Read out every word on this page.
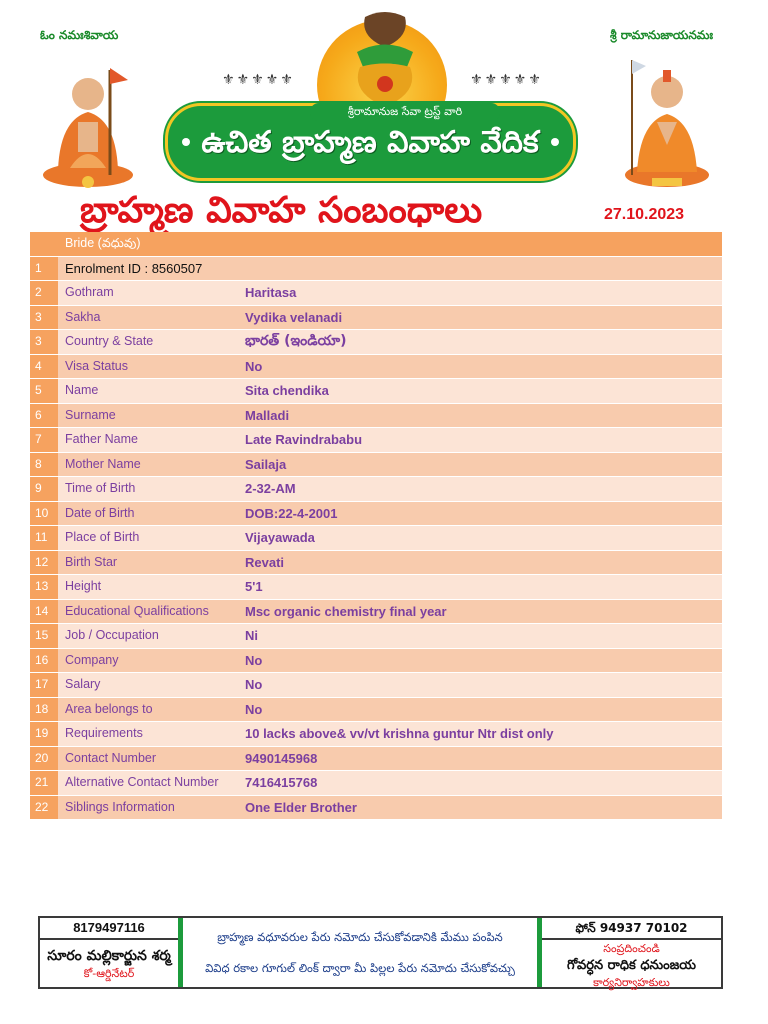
ఓం నమఃశివాయ	శ్రీ రామానుజాయనమః
⚜⚜⚜⚜⚜	⚜⚜⚜⚜⚜
శ్రీరామానుజ సేవా ట్రస్ట్ వారి
ఉచిత బ్రాహ్మణ వివాహ వేదిక
బ్రాహ్మణ వివాహ సంబంధాలు	27.10.2023
Bride (వధువు)
1	Enrolment ID : 8560507
2	Gothram	Haritasa
3	Sakha	Vydika velanadi
3	Country & State	భారత్ (ఇండియా)
4	Visa Status	No
5	Name	Sita chendika
6	Surname	Malladi
7	Father Name	Late Ravindrababu
8	Mother Name	Sailaja
9	Time of Birth	2-32-AM
10	Date of Birth	DOB:22-4-2001
11	Place of Birth	Vijayawada
12	Birth Star	Revati
13	Height	5'1
14	Educational Qualifications	Msc organic chemistry final year
15	Job / Occupation	Ni
16	Company	No
17	Salary	No
18	Area belongs to	No
19	Requirements	10 lacks above& vv/vt krishna guntur Ntr dist only
20	Contact Number	9490145968
21	Alternative Contact Number	7416415768
22	Siblings Information	One Elder Brother
8179497116
సూరం మల్లికార్జున శర్మ
కో-ఆర్డినేటర్
బ్రాహ్మణ వధూవరుల పేరు నమోదు చేసుకోవడానికి మేము పంపిన
వివిధ రకాల గూగుల్ లింక్ ద్వారా మీ పిల్లల పేరు నమోదు చేసుకోవచ్చు
ఫోన్ 94937 70102
సంప్రదించండి
గోవర్ధన రాధిక ధనుంజయ
కార్యనిర్వాహకులు
